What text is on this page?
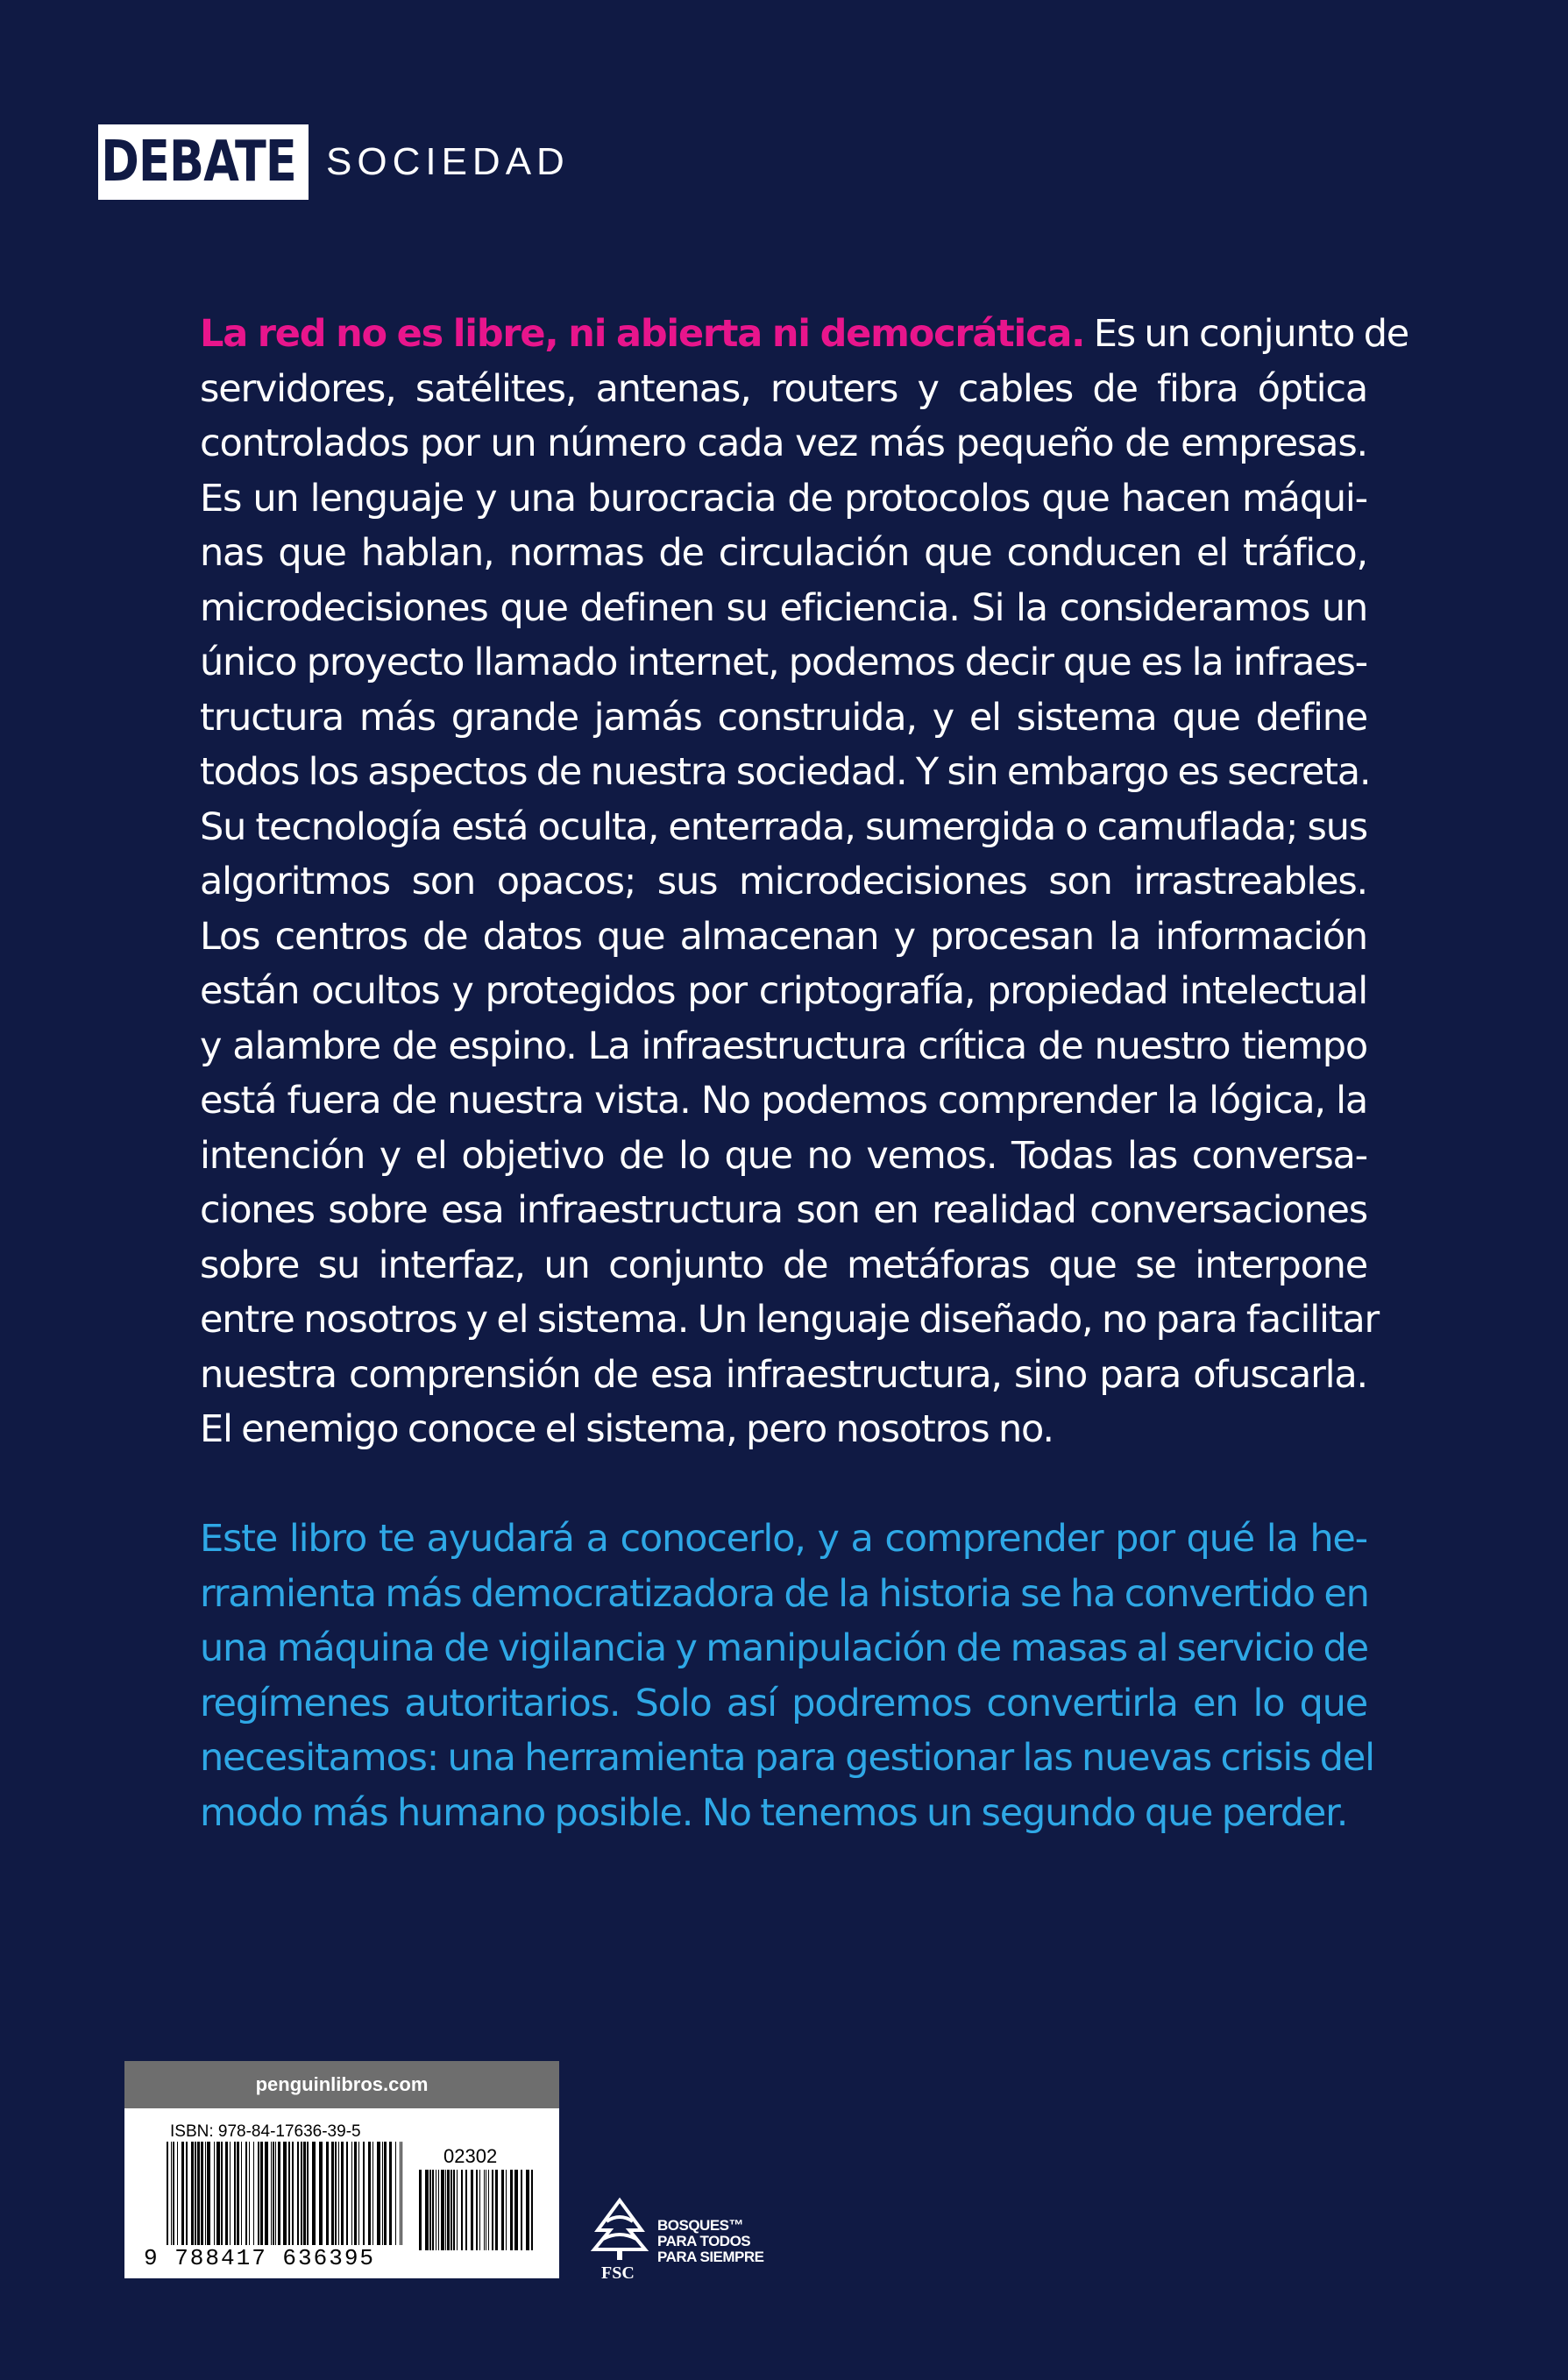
DEBATE SOCIEDAD
La red no es libre, ni abierta ni democrática. Es un conjunto de
servidores, satélites, antenas, routers y cables de fibra óptica
controlados por un número cada vez más pequeño de empresas.
Es un lenguaje y una burocracia de protocolos que hacen máqui-
nas que hablan, normas de circulación que conducen el tráfico,
microdecisiones que definen su eficiencia. Si la consideramos un
único proyecto llamado internet, podemos decir que es la infraes-
tructura más grande jamás construida, y el sistema que define
todos los aspectos de nuestra sociedad. Y sin embargo es secreta.
Su tecnología está oculta, enterrada, sumergida o camuflada; sus
algoritmos son opacos; sus microdecisiones son irrastreables.
Los centros de datos que almacenan y procesan la información
están ocultos y protegidos por criptografía, propiedad intelectual
y alambre de espino. La infraestructura crítica de nuestro tiempo
está fuera de nuestra vista. No podemos comprender la lógica, la
intención y el objetivo de lo que no vemos. Todas las conversa-
ciones sobre esa infraestructura son en realidad conversaciones
sobre su interfaz, un conjunto de metáforas que se interpone
entre nosotros y el sistema. Un lenguaje diseñado, no para facilitar
nuestra comprensión de esa infraestructura, sino para ofuscarla.
El enemigo conoce el sistema, pero nosotros no.
Este libro te ayudará a conocerlo, y a comprender por qué la he-
rramienta más democratizadora de la historia se ha convertido en
una máquina de vigilancia y manipulación de masas al servicio de
regímenes autoritarios. Solo así podremos convertirla en lo que
necesitamos: una herramienta para gestionar las nuevas crisis del
modo más humano posible. No tenemos un segundo que perder.
penguinlibros.com
ISBN: 978-84-17636-39-5
02302
9 788417 636395
FSC
BOSQUES™
PARA TODOS
PARA SIEMPRE
